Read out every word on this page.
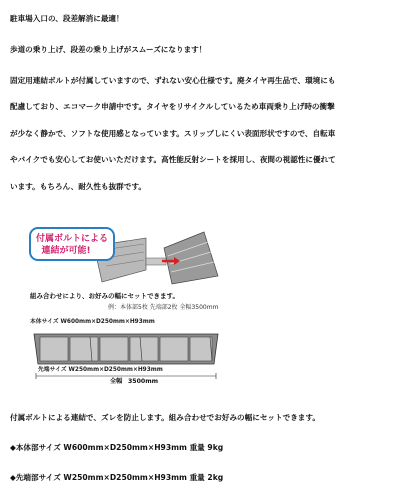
駐車場入口の、段差解消に最適！
歩道の乗り上げ、段差の乗り上げがスムーズになります！
固定用連結ボルトが付属していますので、ずれない安心仕様です。廃タイヤ再生品で、環境にも
配慮しており、エコマーク申請中です。タイヤをリサイクルしているため車両乗り上げ時の衝撃
が少なく静かで、ソフトな使用感となっています。スリップしにくい表面形状ですので、自転車
やバイクでも安心してお使いいただけます。高性能反射シートを採用し、夜間の視認性に優れて
います。もちろん、耐久性も抜群です。
付属ボルトによる
連結が可能!
組み合わせにより、お好みの幅にセットできます。
例：本体部5枚 先端部2枚 全幅3500mm
本体サイズ W600mm×D250mm×H93mm
先端サイズ W250mm×D250mm×H93mm
全幅 3500mm
付属ボルトによる連結で、ズレを防止します。組み合わせでお好みの幅にセットできます。
◆本体部サイズ W600mm×D250mm×H93mm 重量 9kg
◆先端部サイズ W250mm×D250mm×H93mm 重量 2kg
